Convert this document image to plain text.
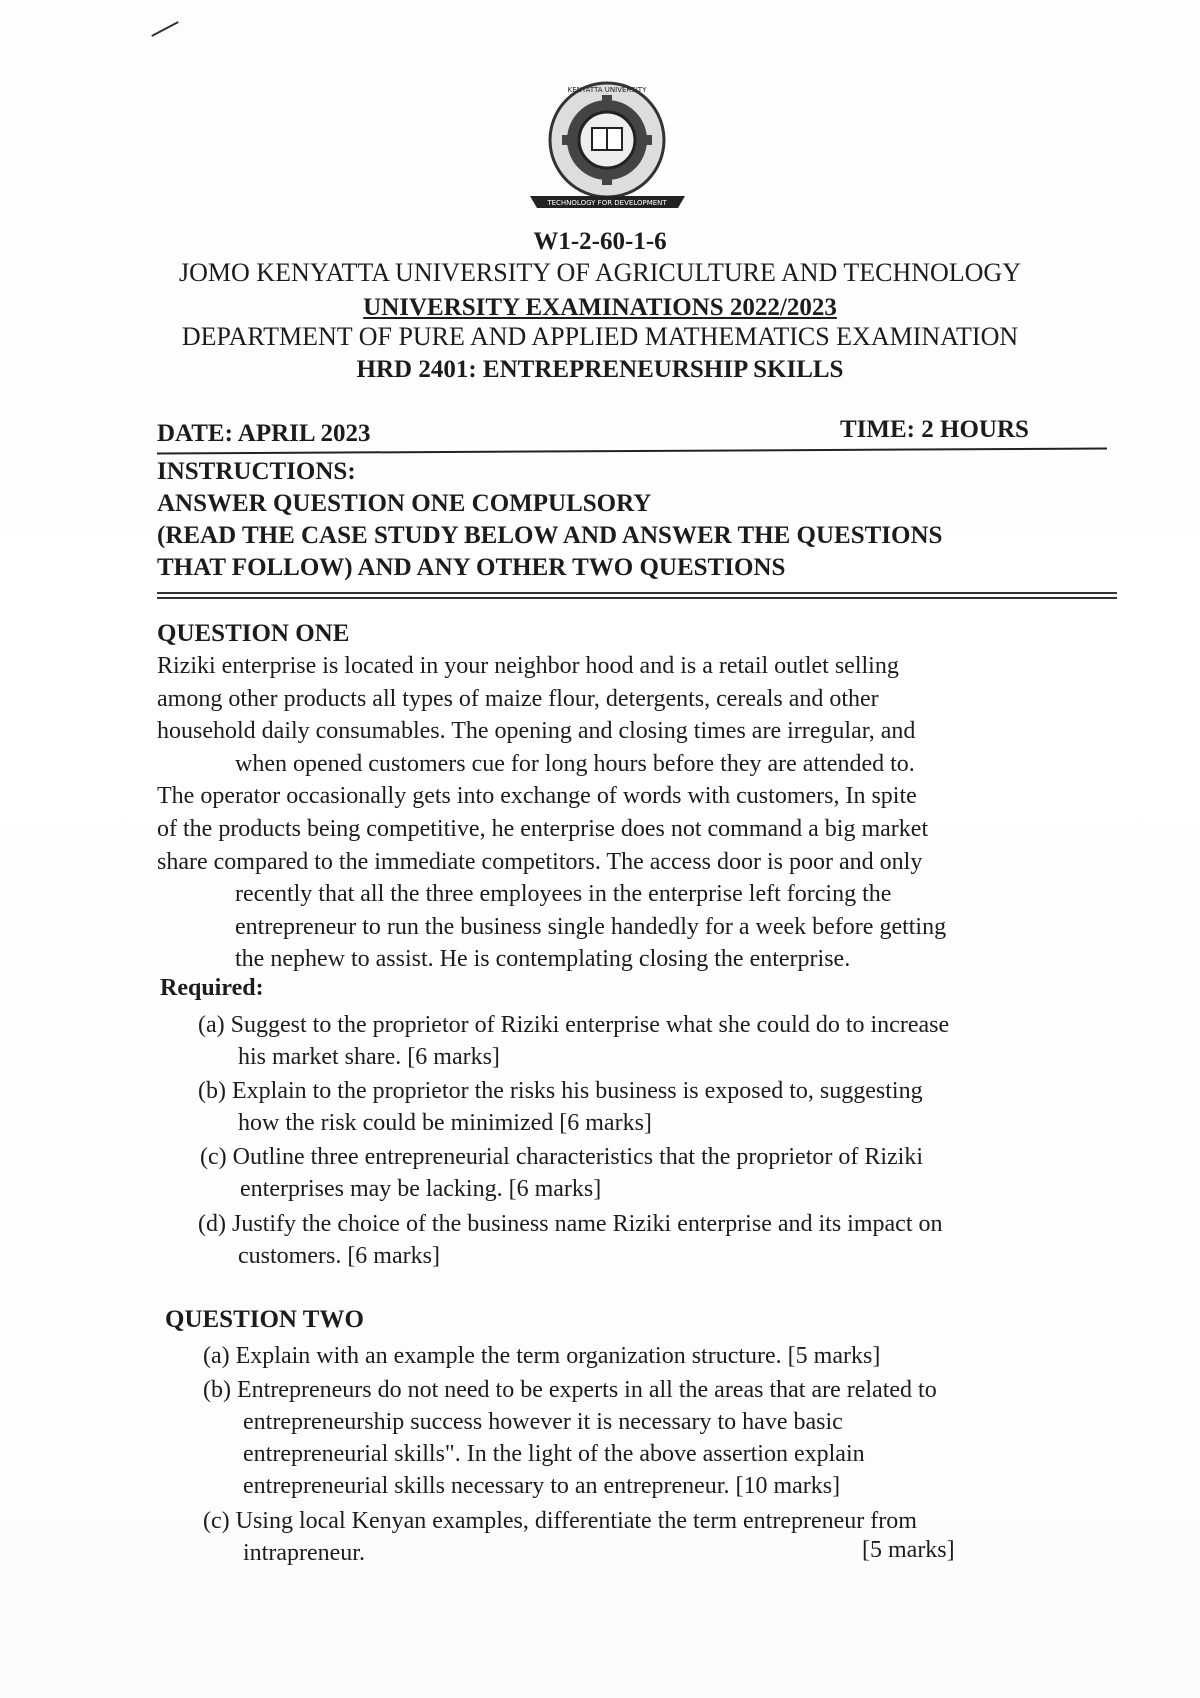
TECHNOLOGY FOR DEVELOPMENT
KENYATTA UNIVERSITY
W1-2-60-1-6
JOMO KENYATTA UNIVERSITY OF AGRICULTURE AND TECHNOLOGY
UNIVERSITY EXAMINATIONS 2022/2023
DEPARTMENT OF PURE AND APPLIED MATHEMATICS EXAMINATION
HRD 2401: ENTREPRENEURSHIP SKILLS
DATE: APRIL 2023	TIME: 2 HOURS
INSTRUCTIONS:
ANSWER QUESTION ONE COMPULSORY
(READ THE CASE STUDY BELOW AND ANSWER THE QUESTIONS
THAT FOLLOW) AND ANY OTHER TWO QUESTIONS
QUESTION ONE
Riziki enterprise is located in your neighbor hood and is a retail outlet selling
among other products all types of maize flour, detergents, cereals and other
household daily consumables. The opening and closing times are irregular, and
when opened customers cue for long hours before they are attended to.
The operator occasionally gets into exchange of words with customers, In spite
of the products being competitive, he enterprise does not command a big market
share compared to the immediate competitors. The access door is poor and only
recently that all the three employees in the enterprise left forcing the
entrepreneur to run the business single handedly for a week before getting
the nephew to assist. He is contemplating closing the enterprise.
Required:
(a) Suggest to the proprietor of Riziki enterprise what she could do to increase
his market share. [6 marks]
(b) Explain to the proprietor the risks his business is exposed to, suggesting
how the risk could be minimized [6 marks]
(c) Outline three entrepreneurial characteristics that the proprietor of Riziki
enterprises may be lacking. [6 marks]
(d) Justify the choice of the business name Riziki enterprise and its impact on
customers. [6 marks]
QUESTION TWO
(a) Explain with an example the term organization structure. [5 marks]
(b) Entrepreneurs do not need to be experts in all the areas that are related to
entrepreneurship success however it is necessary to have basic
entrepreneurial skills". In the light of the above assertion explain
entrepreneurial skills necessary to an entrepreneur. [10 marks]
(c) Using local Kenyan examples, differentiate the term entrepreneur from
intrapreneur.	[5 marks]
